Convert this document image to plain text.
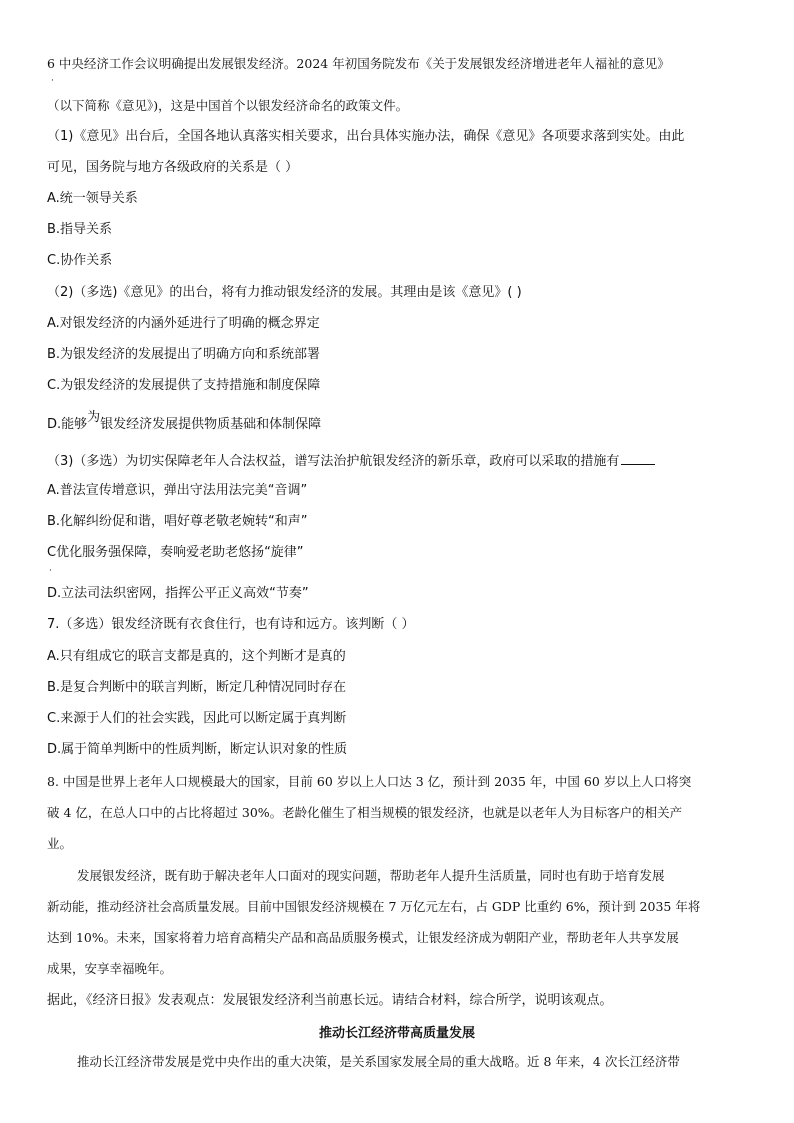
6 中央经济工作会议明确提出发展银发经济。2024 年初国务院发布《关于发展银发经济增进老年人福祉的意见》
·
（以下简称《意见》)，这是中国首个以银发经济命名的政策文件。
（1)《意见》出台后，全国各地认真落实相关要求，出台具体实施办法，确保《意见》各项要求落到实处。由此
可见，国务院与地方各级政府的关系是（ ）
A.统一领导关系
B.指导关系
C.协作关系
（2)（多选)《意见》的出台，将有力推动银发经济的发展。其理由是该《意见》( )
A.对银发经济的内涵外延进行了明确的概念界定
B.为银发经济的发展提出了明确方向和系统部署
C.为银发经济的发展提供了支持措施和制度保障
D.能够为银发经济发展提供物质基础和体制保障
（3)（多选）为切实保障老年人合法权益，谱写法治护航银发经济的新乐章，政府可以采取的措施有
A.普法宣传增意识，弹出守法用法完美“音调”
B.化解纠纷促和谐，唱好尊老敬老婉转“和声”
C优化服务强保障，奏响爱老助老悠扬“旋律”
·
D.立法司法织密网，指挥公平正义高效“节奏”
7.（多选）银发经济既有衣食住行，也有诗和远方。该判断（ ）
A.只有组成它的联言支都是真的，这个判断才是真的
B.是复合判断中的联言判断，断定几种情况同时存在
C.来源于人们的社会实践，因此可以断定属于真判断
D.属于简单判断中的性质判断，断定认识对象的性质
8. 中国是世界上老年人口规模最大的国家，目前 60 岁以上人口达 3 亿，预计到 2035 年，中国 60 岁以上人口将突
破 4 亿，在总人口中的占比将超过 30%。老龄化催生了相当规模的银发经济，也就是以老年人为目标客户的相关产
业。
发展银发经济，既有助于解决老年人口面对的现实问题，帮助老年人提升生活质量，同时也有助于培育发展
新动能，推动经济社会高质量发展。目前中国银发经济规模在 7 万亿元左右，占 GDP 比重约 6%，预计到 2035 年将
达到 10%。未来，国家将着力培育高精尖产品和高品质服务模式，让银发经济成为朝阳产业，帮助老年人共享发展
成果，安享幸福晚年。
据此，《经济日报》发表观点：发展银发经济利当前惠长远。请结合材料，综合所学，说明该观点。
推动长江经济带高质量发展
推动长江经济带发展是党中央作出的重大决策，是关系国家发展全局的重大战略。近 8 年来，4 次长江经济带
